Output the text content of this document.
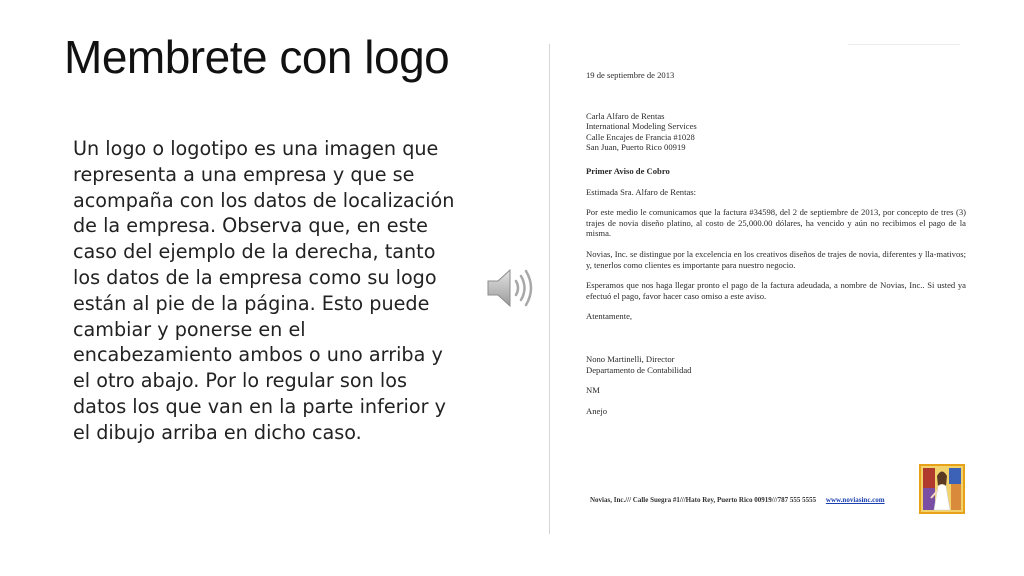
Membrete con logo

Un logo o logotipo es una imagen que representa a una empresa y que se acompaña con los datos de localización de la empresa. Observa que, en este caso del ejemplo de la derecha, tanto los datos de la empresa como su logo están al pie de la página. Esto puede cambiar y ponerse en el encabezamiento ambos o uno arriba y el otro abajo. Por lo regular son los datos los que van en la parte inferior y el dibujo arriba en dicho caso.

19 de septiembre de 2013

Carla Alfaro de Rentas

International Modeling Services

Calle Encajes de Francia #1028

San Juan, Puerto Rico 00919

Primer Aviso de Cobro

Estimada Sra. Alfaro de Rentas:

Por este medio le comunicamos que la factura #34598, del 2 de septiembre de 2013, por concepto de tres (3) trajes de novia diseño platino, al costo de 25,000.00 dólares, ha vencido y aún no recibimos el pago de la misma.

Novias, Inc. se distingue por la excelencia en los creativos diseños de trajes de novia, diferentes y lla-mativos; y, tenerlos como clientes es importante para nuestro negocio.

Esperamos que nos haga llegar pronto el pago de la factura adeudada, a nombre de Novias, Inc.. Si usted ya efectuó el pago, favor hacer caso omiso a este aviso.

Atentamente,

Nono Martinelli, Director

Departamento de Contabilidad

NM

Anejo

Novias, Inc./// Calle Suegra #1///Hato Rey, Puerto Rico 00919///787 555 5555 www.noviasinc.com
